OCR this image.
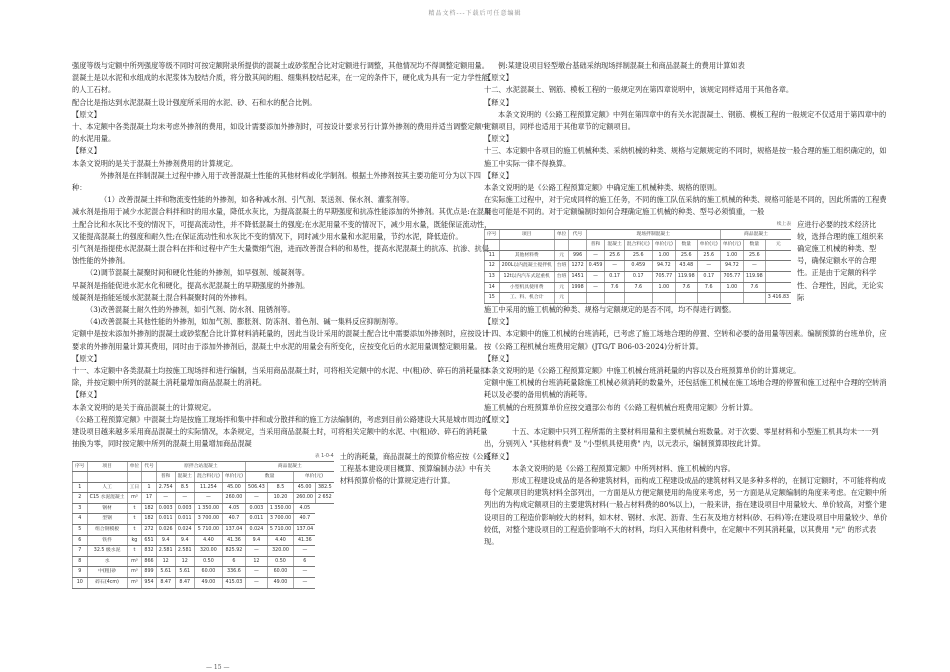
精品文档---下载后可任意编辑

强度等级与定额中所列强度等级不同时可按定额附录所提供的混凝土或砂浆配合比对定额进行调整，其他情况均不得调整定额用量。

混凝土是以水泥和水组成的水泥浆体为胶结介质，将分散其间的粗、细集料胶结起来，在一定的条件下，硬化成为具有一定力学性能的人工石材。

配合比是指达到水泥混凝土设计强度所采用的水泥、砂、石和水的配合比例。

【原文】

十、本定额中各类混凝土均未考虑外掺剂的费用，如设计需要添加外掺剂时，可按设计要求另行计算外掺剂的费用并适当调整定额中的水泥用量。

【释义】

本条文说明的是关于混凝土外掺剂费用的计算规定。

外掺剂是在拌制混凝土过程中掺入用于改善混凝土性能的其他材料或化学制剂。根据土外掺剂按其主要功能可分为以下四种：

（1）改善混凝土拌和物流变性能的外掺剂，如各种减水剂、引气剂、泵送剂、保水剂、灌浆剂等。

减水剂是指用于减少水泥混合料拌和时的用水量，降低水灰比，为提高混凝土的早期强度和抗冻性能添加的外掺剂。其优点是:在混凝土配合比和水灰比不变的情况下，可提高流动性，并不降低混凝土的强度;在水泥用量不变的情况下，减少用水量，既能保证流动性，又能提高混凝土的强度和耐久性;在保证流动性和水灰比不变的情况下，同时减少用水量和水泥用量，节约水泥，降低造价。

引气剂是指提使水泥混凝土混合料在拌和过程中产生大量微细气泡，进而改善混合料的和易性，提高水泥混凝土的抗冻、抗渗、抗侵蚀性能的外掺剂。

（2)调节混凝土凝聚时间和硬化性能的外掺剂，如早强剂、缓凝剂等。

早凝剂是指能促进水泥水化和硬化，提高水泥混凝土的早期强度的外掺剂。

缓凝剂是指能延缓水泥混凝土混合料凝聚时间的外掺料。

（3)改善混凝土耐久性的外掺剂，如引气剂、防水剂、阻锈剂等。

（4)改善混凝土其他性能的外掺剂，如加气剂、膨胀剂、防冻剂、着色剂、碱一集料反应抑制剂等。

定额中是按未添加外掺剂的混凝土或砂浆配合比计算材料消耗量的，因此当设计采用的混凝土配合比中需要添加外掺剂时，应按设计要求的外掺剂用量计算其费用，同时由于添加外掺剂后，混凝土中水泥的用量会有所变化，应按变化后的水泥用量调整定额用量。

【原文】

十一、本定额中各类混凝土均按施工现场拌和进行编制，当采用商品混凝土时，可将相关定额中的水泥、中(粗)砂、碎石的消耗量扣除，并按定额中所列的混凝土消耗量增加商品混凝土的消耗。

【释义】

本条文说明的是关于商品混凝土的计算规定。

《公路工程预算定额》中混凝土均是按施工现场拌和集中拌和或分散拌和的施工方法编制的，考虑到目前公路建设大其是城市周边的建设项目越来越多采用商品混凝土的实际情况，本条规定，当采用商品混凝土时，可将相关定额中的水泥、中(粗)砂、碎石的消耗量抽换为零，同时按定额中所列的混凝土用量增加商品混凝

表 1-0-4
序号	项目	单位	代号	原拌合站混凝土				商品混凝土			
				普和	混凝土	混合料(元)	单价(元)	数量		单价(元)	
1	人工	工日	1	2.754	8.5	11.254	45.00	506.43	8.5	45.00	382.5
2	C15 水泥混凝土	m³	17	—	—	—	260.00	—	10.20	260.00	2 652
3	钢材	t	182	0.003	0.003	1 350.00	4.05	0.003	1 350.00	4.05	
4	型钢	t	182	0.011	0.011	3 700.00	40.7	0.011	3 700.00	40.7	
5	组合钢模板	t	272	0.026	0.024	5 710.00	137.04	0.024	5 710.00	137.04	
6	铁件	kg	651	9.4	9.4	4.40	41.36	9.4	4.40	41.36	
7	32.5 级水泥	t	832	2.581	2.581	320.00	825.92	—	320.00	—	
8	水	m³	866	12	12	0.50	6	12	0.50	6	
9	中(粗)砂	m³	899	5.61	5.61	60.00	336.6	—	60.00	—	
10	碎石(4cm)	m³	954	8.47	8.47	49.00	415.03	—	49.00	—	

土的消耗量，商品混凝土的预算价格应按《公路工程基本建设项目概算、预算编制办法》中有关材料预算价格的计算规定进行计算。

— 15 —

例:某建设项目轻型墩台基础采纳现场拌制混凝土和商品混凝土的费用计算如表

【原文】

十二、水泥混凝土、钢筋、模板工程的一般规定列在第四章说明中，该规定同样适用于其他各章。

【释义】

本条文说明的《公路工程预算定额》中列在第四章中的有关水泥混凝土、钢筋、模板工程的一般规定不仅适用于第四章中的定额项目，同样也适用于其他章节的定额项目。

【原文】

十三、本定额中各项目的施工机械种类、采纳机械的种类、规格与定额规定的不同时，规格是按一般合理的施工组织确定的，如施工中实际一律不得换算。

【释义】

本条文说明的是《公路工程预算定额》中确定施工机械种类、规格的原则。

在实际施工过程中，对于完成同样的施工任务，不同的施工队伍采纳的施工机械的种类、规格可能是不同的，因此所需的工程费用也可能是不同的。对于定额编制时如何合理确定施工机械的种类、型号必须慎重，一般

续上表
序号	项目	单位	代号	现场拌制混凝土						商品混凝土		
				普和	混凝土	混合料(元)	单价(元)	数量	单价(元)	单价(元)	数量	元
11	其他材料费	元	996	—	25.6	25.6	1.00	25.6	25.6	1.00	25.6	
12	200L以内混凝土搅拌机	台班	1272	0.459	—	0.459	94.72	43.48	—	94.72	—	
13	12t以内汽车式起重机	台班	1451	—	0.17	0.17	705.77	119.98	0.17	705.77	119.98	
14	小型机具使用费	元	1998	—	7.6	7.6	1.00	7.6	7.6	1.00	7.6	
15	工、料、机合计	元										3 416.83

应进行必要的技术经济比较，选择合理的施工组织来确定施工机械的种类、型号，确保定额水平的合理性。正是由于定额的科学性、合理性，因此，无论实际

施工中采用的施工机械的种类、规格与定额规定的是否不同，均不得进行调整。

【原文】

十四、本定额中的施工机械的台班消耗，已考虑了施工场地合理的停置、空转和必要的备用量等因素。编制预算的台班单价，应按《公路工程机械台班费用定额》(JTG/T B06-03-2024)分析计算。

【释义】

本条文说明的是《公路工程预算定额》中施工机械台班消耗量的内容以及台班预算单价的计算规定。

定额中施工机械的台班消耗量除施工机械必须消耗的数量外，还包括施工机械在施工场地合理的停置和施工过程中合理的空转消耗以及必要的备用机械的消耗等。

施工机械的台班预算单价应按交通部公布的《公路工程机械台班费用定额》分析计算。

【原文】

十五、本定额中只列工程所需的主要材料用量和主要机械台班数量。对于次要、零星材料和小型施工机具均未一一列出，分别列入 "其他材料费" 及 "小型机具使用费" 内，以元表示，编制预算即按此计算。

【释义】

本条文说明的是《公路工程预算定额》中所列材料、施工机械的内容。

形成工程建设成品的是各种建筑材料，而构成工程建设成品的建筑材料又是多种多样的，在制订定额时，不可能将构成每个定额项目的建筑材料全部列出，一方面是从方便定额使用的角度来考虑，另一方面是从定额编制的角度来考虑。在定额中所列出的为构成定额项目的主要建筑材料(一般占材料费的80%以上)，一般来讲，指在建设项目中用量较大、单价较高，对整个建设项目的工程造价影响较大的材料，如木材、钢材、水泥、沥青、生石灰及地方材料(砂、石料)等;在建设项目中用量较少、单价较低，对整个建设项目的工程造价影响不大的材料，均归入其他材料费中，在定额中不列其消耗量，以其费用 "元" 的形式表现。
